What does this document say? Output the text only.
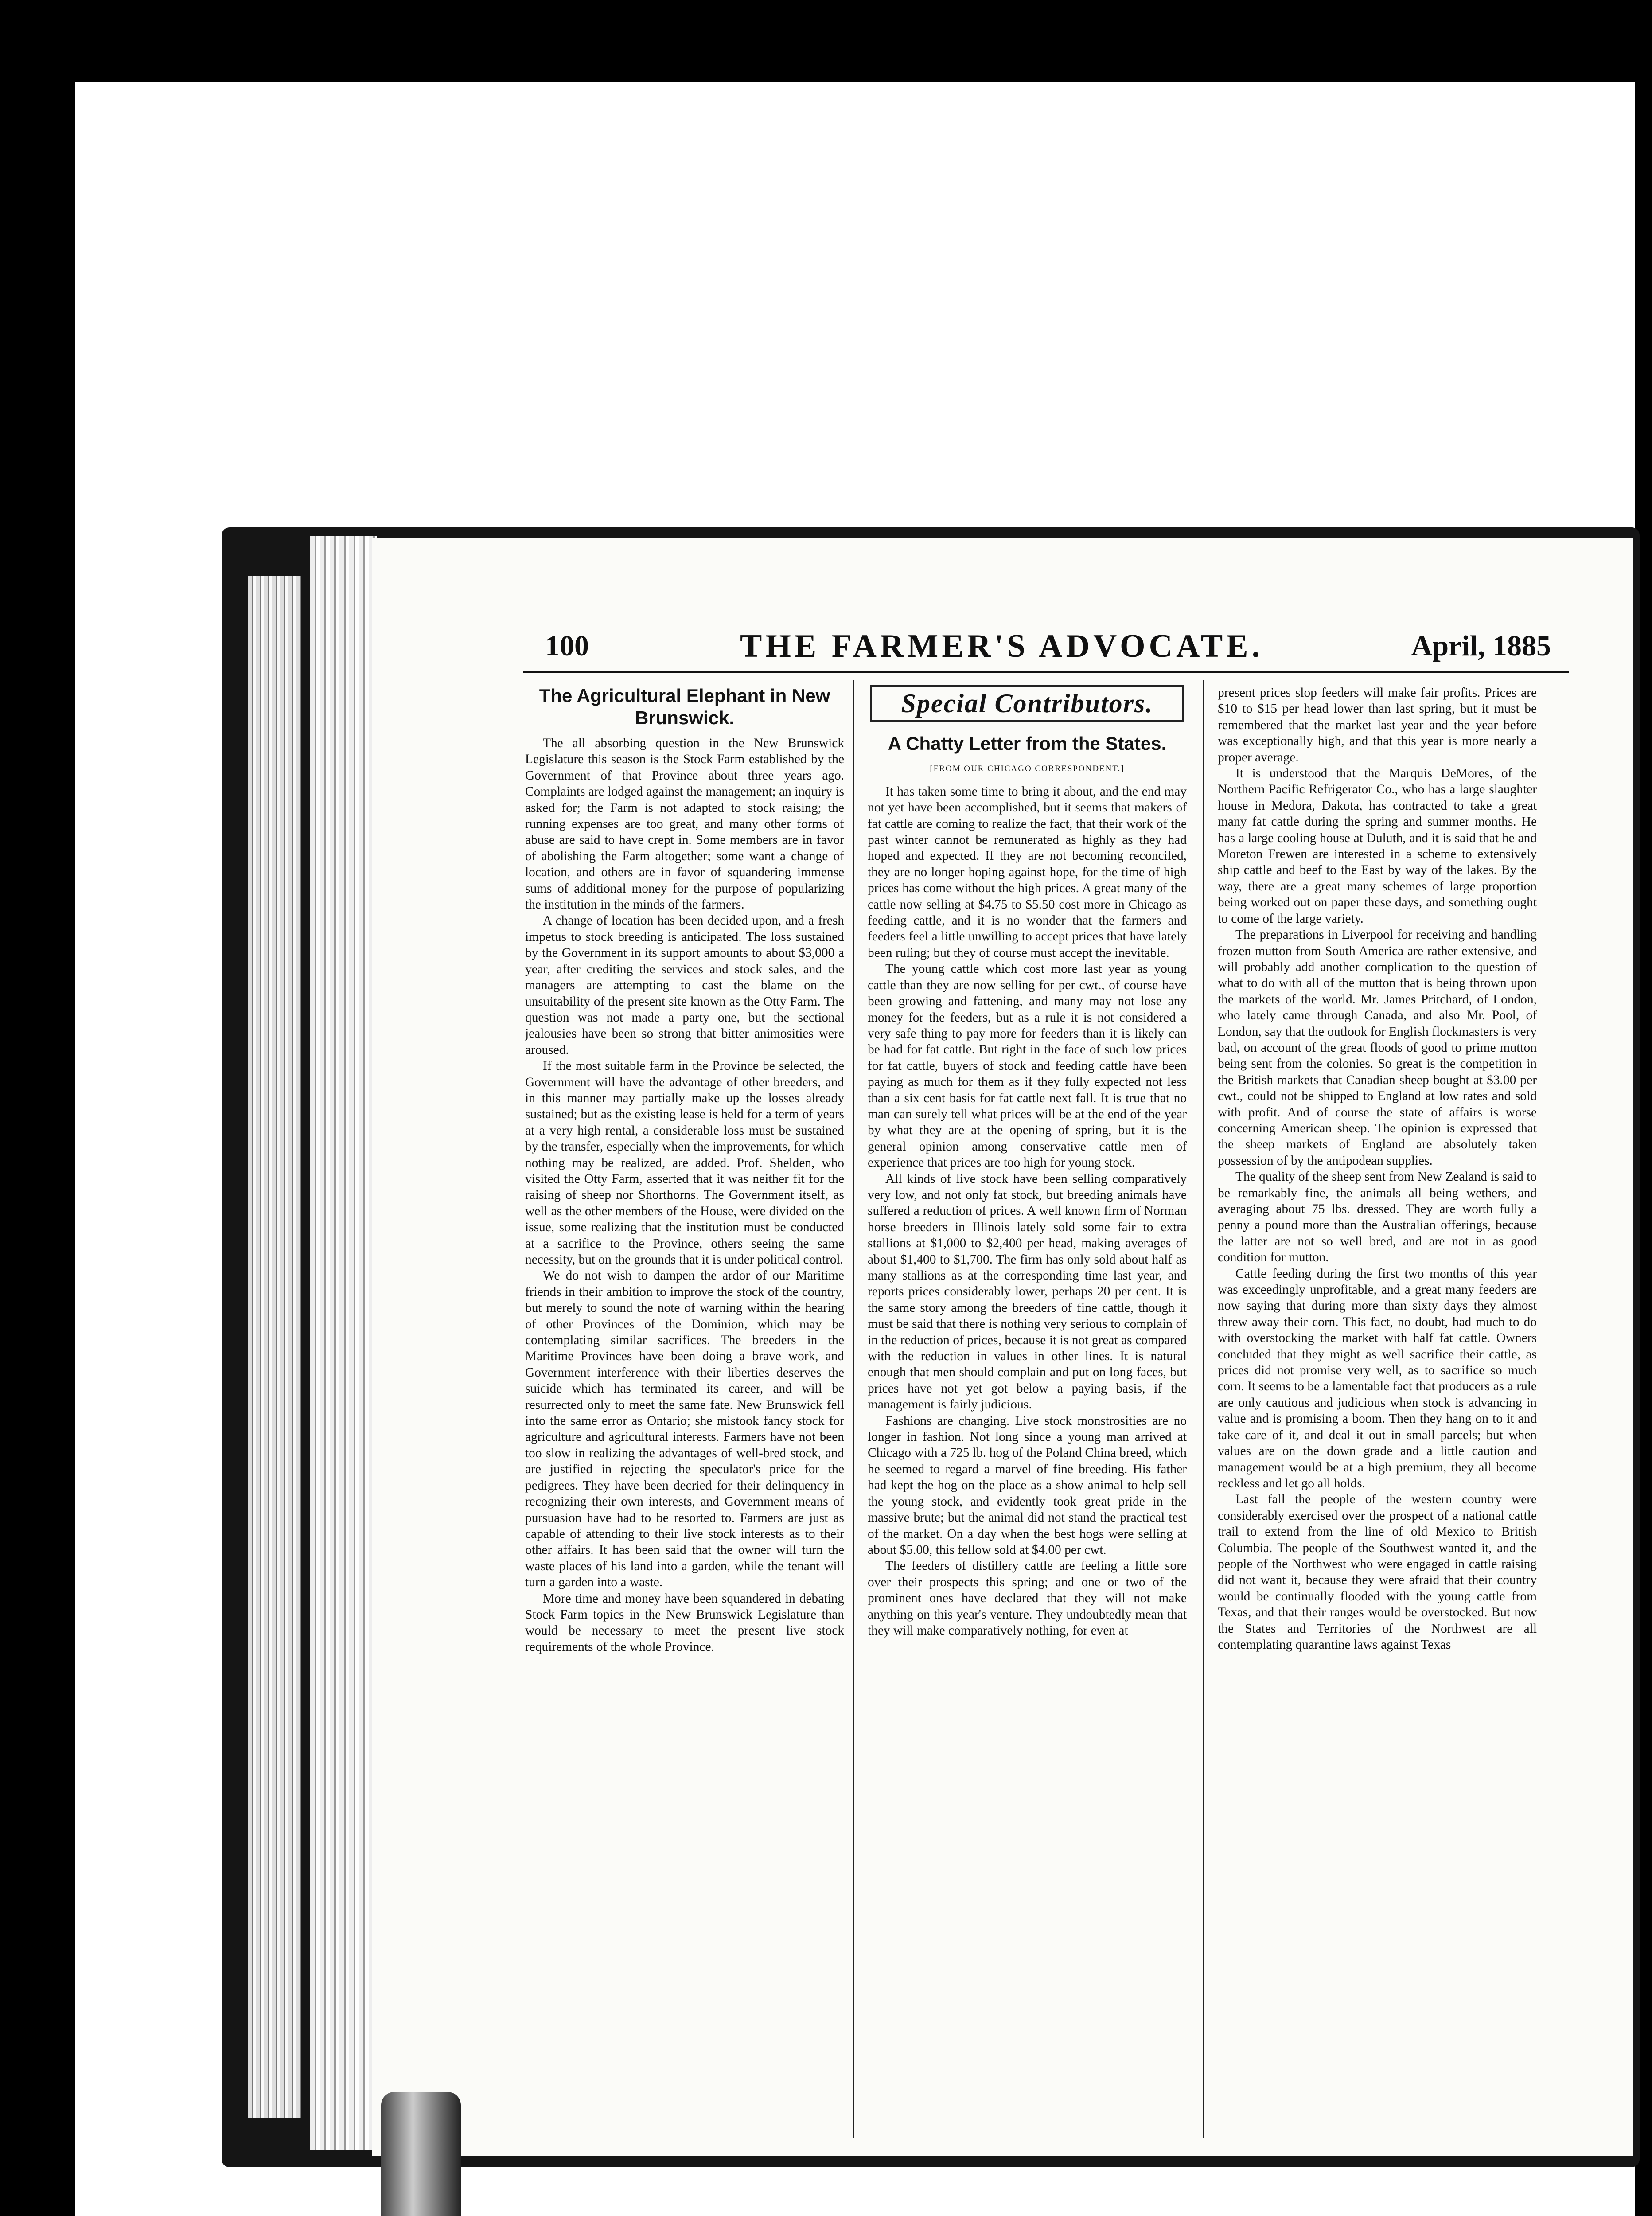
100	THE FARMER'S ADVOCATE.	April, 1885
The Agricultural Elephant in New Brunswick.

The all absorbing question in the New Brunswick Legislature this season is the Stock Farm established by the Government of that Province about three years ago. Complaints are lodged against the management; an inquiry is asked for; the Farm is not adapted to stock raising; the running expenses are too great, and many other forms of abuse are said to have crept in. Some members are in favor of abolishing the Farm altogether; some want a change of location, and others are in favor of squandering immense sums of additional money for the purpose of popularizing the institution in the minds of the farmers.

A change of location has been decided upon, and a fresh impetus to stock breeding is anticipated. The loss sustained by the Government in its support amounts to about $3,000 a year, after crediting the services and stock sales, and the managers are attempting to cast the blame on the unsuitability of the present site known as the Otty Farm. The question was not made a party one, but the sectional jealousies have been so strong that bitter animosities were aroused.

If the most suitable farm in the Province be selected, the Government will have the advantage of other breeders, and in this manner may partially make up the losses already sustained; but as the existing lease is held for a term of years at a very high rental, a considerable loss must be sustained by the transfer, especially when the improvements, for which nothing may be realized, are added. Prof. Shelden, who visited the Otty Farm, asserted that it was neither fit for the raising of sheep nor Shorthorns. The Government itself, as well as the other members of the House, were divided on the issue, some realizing that the institution must be conducted at a sacrifice to the Province, others seeing the same necessity, but on the grounds that it is under political control.

We do not wish to dampen the ardor of our Maritime friends in their ambition to improve the stock of the country, but merely to sound the note of warning within the hearing of other Provinces of the Dominion, which may be contemplating similar sacrifices. The breeders in the Maritime Provinces have been doing a brave work, and Government interference with their liberties deserves the suicide which has terminated its career, and will be resurrected only to meet the same fate. New Brunswick fell into the same error as Ontario; she mistook fancy stock for agriculture and agricultural interests. Farmers have not been too slow in realizing the advantages of well-bred stock, and are justified in rejecting the speculator's price for the pedigrees. They have been decried for their delinquency in recognizing their own interests, and Government means of pursuasion have had to be resorted to. Farmers are just as capable of attending to their live stock interests as to their other affairs. It has been said that the owner will turn the waste places of his land into a garden, while the tenant will turn a garden into a waste.

More time and money have been squandered in debating Stock Farm topics in the New Brunswick Legislature than would be necessary to meet the present live stock requirements of the whole Province.

Special Contributors.
A Chatty Letter from the States.
[FROM OUR CHICAGO CORRESPONDENT.]

It has taken some time to bring it about, and the end may not yet have been accomplished, but it seems that makers of fat cattle are coming to realize the fact, that their work of the past winter cannot be remunerated as highly as they had hoped and expected. If they are not becoming reconciled, they are no longer hoping against hope, for the time of high prices has come without the high prices. A great many of the cattle now selling at $4.75 to $5.50 cost more in Chicago as feeding cattle, and it is no wonder that the farmers and feeders feel a little unwilling to accept prices that have lately been ruling; but they of course must accept the inevitable.

The young cattle which cost more last year as young cattle than they are now selling for per cwt., of course have been growing and fattening, and many may not lose any money for the feeders, but as a rule it is not considered a very safe thing to pay more for feeders than it is likely can be had for fat cattle. But right in the face of such low prices for fat cattle, buyers of stock and feeding cattle have been paying as much for them as if they fully expected not less than a six cent basis for fat cattle next fall. It is true that no man can surely tell what prices will be at the end of the year by what they are at the opening of spring, but it is the general opinion among conservative cattle men of experience that prices are too high for young stock.

All kinds of live stock have been selling comparatively very low, and not only fat stock, but breeding animals have suffered a reduction of prices. A well known firm of Norman horse breeders in Illinois lately sold some fair to extra stallions at $1,000 to $2,400 per head, making averages of about $1,400 to $1,700. The firm has only sold about half as many stallions as at the corresponding time last year, and reports prices considerably lower, perhaps 20 per cent. It is the same story among the breeders of fine cattle, though it must be said that there is nothing very serious to complain of in the reduction of prices, because it is not great as compared with the reduction in values in other lines. It is natural enough that men should complain and put on long faces, but prices have not yet got below a paying basis, if the management is fairly judicious.

Fashions are changing. Live stock monstrosities are no longer in fashion. Not long since a young man arrived at Chicago with a 725 lb. hog of the Poland China breed, which he seemed to regard a marvel of fine breeding. His father had kept the hog on the place as a show animal to help sell the young stock, and evidently took great pride in the massive brute; but the animal did not stand the practical test of the market. On a day when the best hogs were selling at about $5.00, this fellow sold at $4.00 per cwt.

The feeders of distillery cattle are feeling a little sore over their prospects this spring; and one or two of the prominent ones have declared that they will not make anything on this year's venture. They undoubtedly mean that they will make comparatively nothing, for even at

present prices slop feeders will make fair profits. Prices are $10 to $15 per head lower than last spring, but it must be remembered that the market last year and the year before was exceptionally high, and that this year is more nearly a proper average.

It is understood that the Marquis DeMores, of the Northern Pacific Refrigerator Co., who has a large slaughter house in Medora, Dakota, has contracted to take a great many fat cattle during the spring and summer months. He has a large cooling house at Duluth, and it is said that he and Moreton Frewen are interested in a scheme to extensively ship cattle and beef to the East by way of the lakes. By the way, there are a great many schemes of large proportion being worked out on paper these days, and something ought to come of the large variety.

The preparations in Liverpool for receiving and handling frozen mutton from South America are rather extensive, and will probably add another complication to the question of what to do with all of the mutton that is being thrown upon the markets of the world. Mr. James Pritchard, of London, who lately came through Canada, and also Mr. Pool, of London, say that the outlook for English flockmasters is very bad, on account of the great floods of good to prime mutton being sent from the colonies. So great is the competition in the British markets that Canadian sheep bought at $3.00 per cwt., could not be shipped to England at low rates and sold with profit. And of course the state of affairs is worse concerning American sheep. The opinion is expressed that the sheep markets of England are absolutely taken possession of by the antipodean supplies.

The quality of the sheep sent from New Zealand is said to be remarkably fine, the animals all being wethers, and averaging about 75 lbs. dressed. They are worth fully a penny a pound more than the Australian offerings, because the latter are not so well bred, and are not in as good condition for mutton.

Cattle feeding during the first two months of this year was exceedingly unprofitable, and a great many feeders are now saying that during more than sixty days they almost threw away their corn. This fact, no doubt, had much to do with overstocking the market with half fat cattle. Owners concluded that they might as well sacrifice their cattle, as prices did not promise very well, as to sacrifice so much corn. It seems to be a lamentable fact that producers as a rule are only cautious and judicious when stock is advancing in value and is promising a boom. Then they hang on to it and take care of it, and deal it out in small parcels; but when values are on the down grade and a little caution and management would be at a high premium, they all become reckless and let go all holds.

Last fall the people of the western country were considerably exercised over the prospect of a national cattle trail to extend from the line of old Mexico to British Columbia. The people of the Southwest wanted it, and the people of the Northwest who were engaged in cattle raising did not want it, because they were afraid that their country would be continually flooded with the young cattle from Texas, and that their ranges would be overstocked. But now the States and Territories of the Northwest are all contemplating quarantine laws against Texas
